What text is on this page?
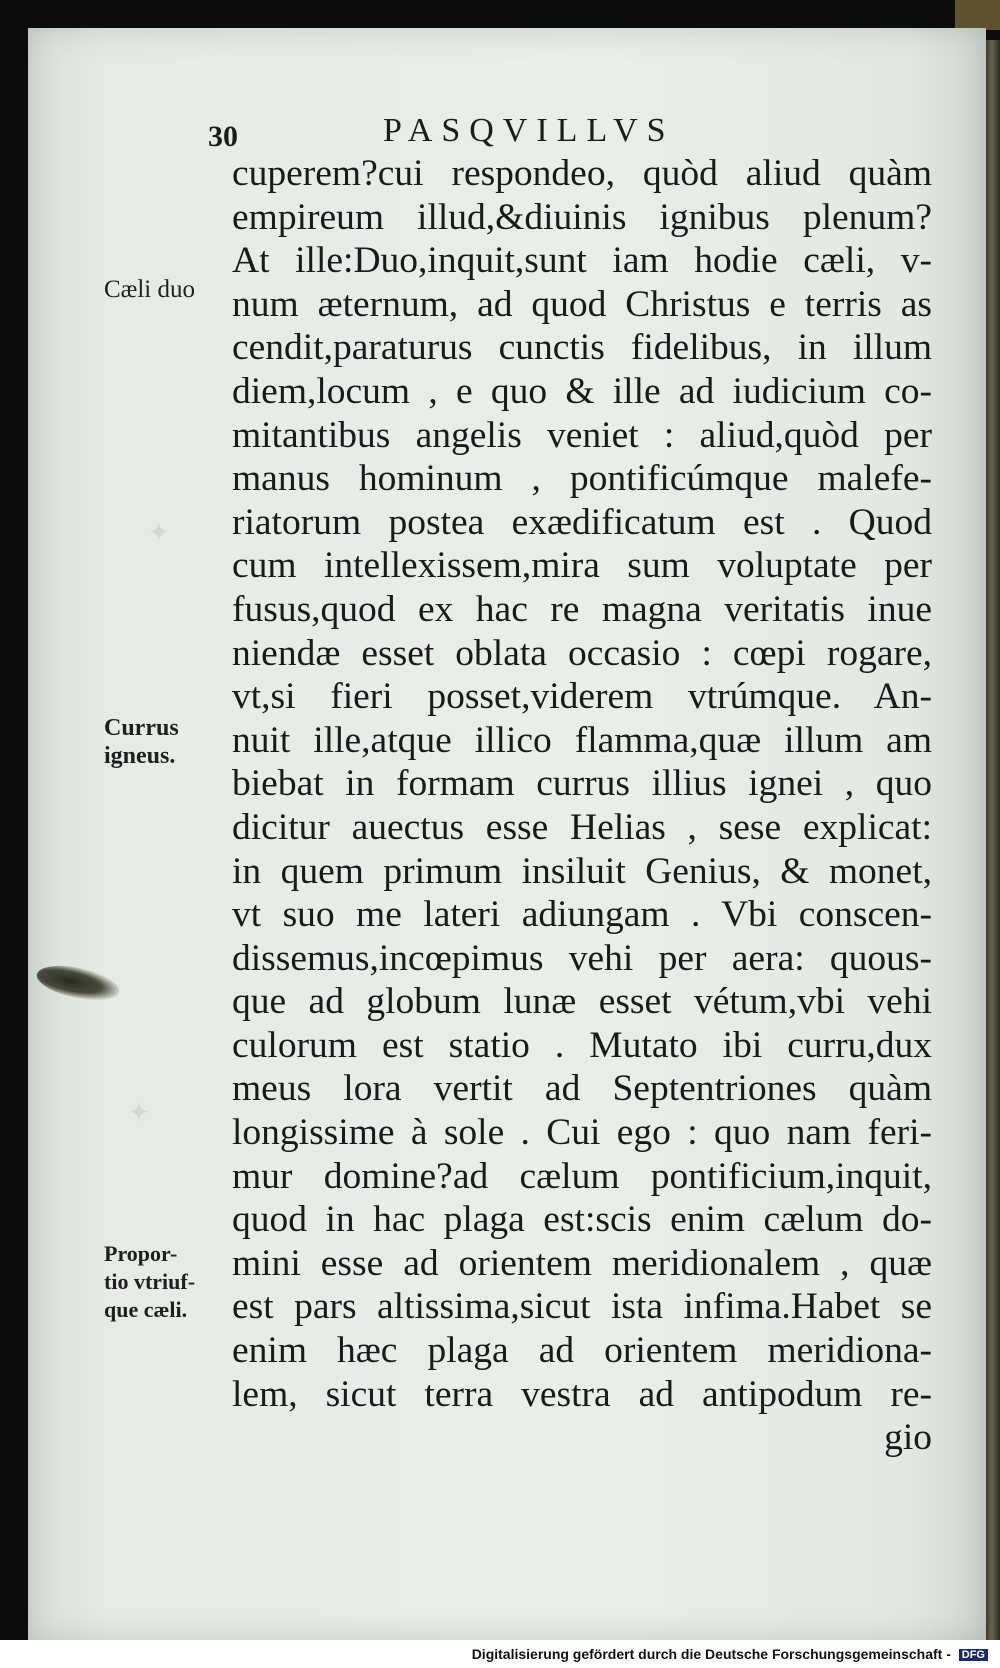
✦
✦
30	PASQVILLVS
Cæli duo
Currus
igneus.
Propor-
tio vtriuf-
que cæli.
cuperem?cui respondeo, quòd aliud quàm
empireum illud,&diuinis ignibus plenum?
At ille:Duo,inquit,sunt iam hodie cæli, v-
num æternum, ad quod Christus e terris as
cendit,paraturus cunctis fidelibus, in illum
diem,locum , e quo & ille ad iudicium co-
mitantibus angelis veniet : aliud,quòd per
manus hominum , pontificúmque malefe-
riatorum postea exædificatum est . Quod
cum intellexissem,mira sum voluptate per
fusus,quod ex hac re magna veritatis inue
niendæ esset oblata occasio : cœpi rogare,
vt,si fieri posset,viderem vtrúmque. An-
nuit ille,atque illico flamma,quæ illum am
biebat in formam currus illius ignei , quo
dicitur auectus esse Helias , sese explicat:
in quem primum insiluit Genius, & monet,
vt suo me lateri adiungam . Vbi conscen-
dissemus,incœpimus vehi per aera: quous-
que ad globum lunæ esset vétum,vbi vehi
culorum est statio . Mutato ibi curru,dux
meus lora vertit ad Septentriones quàm
longissime à sole . Cui ego : quo nam feri-
mur domine?ad cælum pontificium,inquit,
quod in hac plaga est:scis enim cælum do-
mini esse ad orientem meridionalem , quæ
est pars altissima,sicut ista infima.Habet se
enim hæc plaga ad orientem meridiona-
lem, sicut terra vestra ad antipodum re-
gio
Digitalisierung gefördert durch die Deutsche Forschungsgemeinschaft - DFG
